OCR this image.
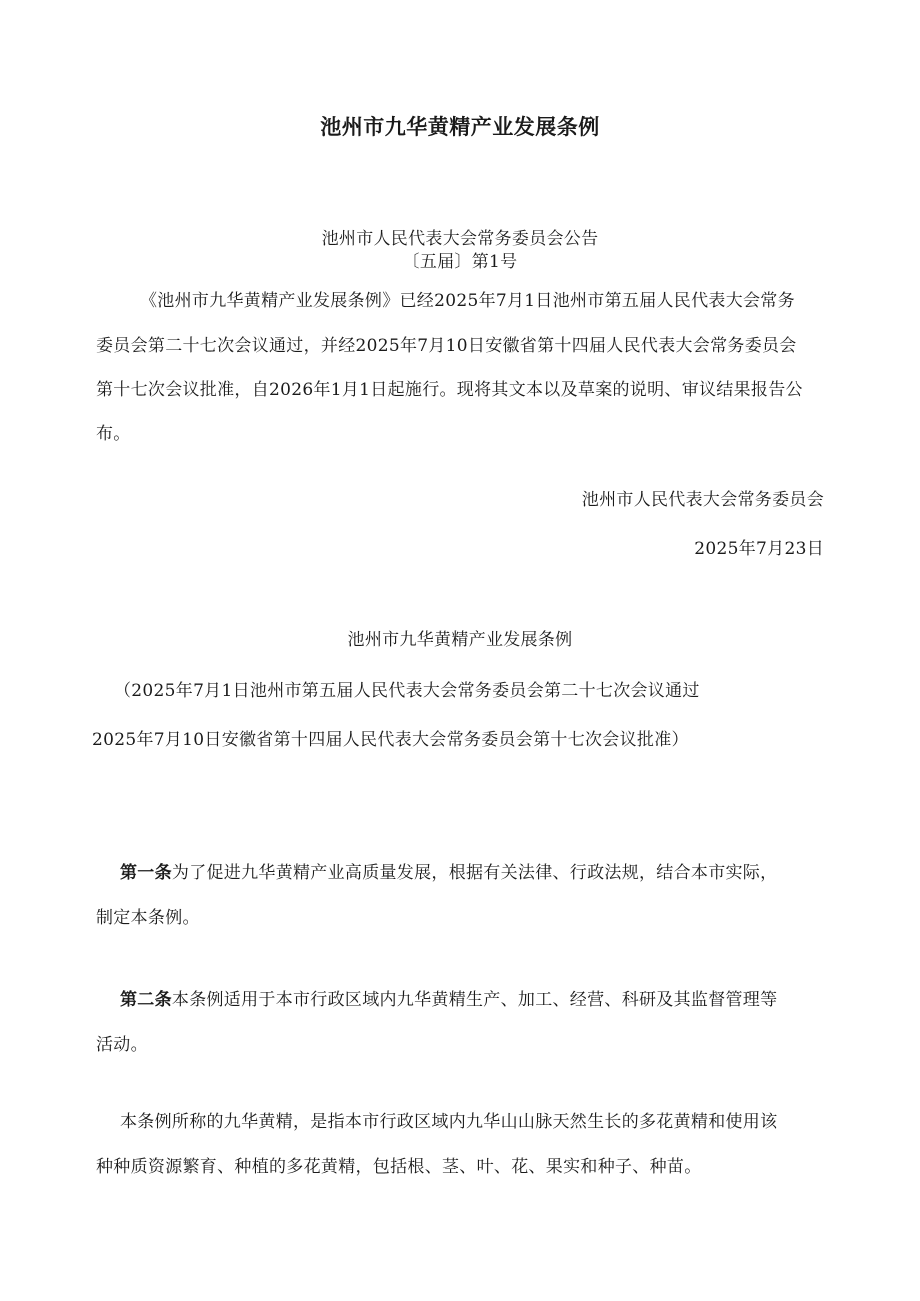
池州市九华黄精产业发展条例

池州市人民代表大会常务委员会公告

〔五届〕第1号

《池州市九华黄精产业发展条例》已经2025年7月1日池州市第五届人民代表大会常务

委员会第二十七次会议通过，并经2025年7月10日安徽省第十四届人民代表大会常务委员会

第十七次会议批准，自2026年1月1日起施行。现将其文本以及草案的说明、审议结果报告公

布。

池州市人民代表大会常务委员会

2025年7月23日

池州市九华黄精产业发展条例

（2025年7月1日池州市第五届人民代表大会常务委员会第二十七次会议通过

2025年7月10日安徽省第十四届人民代表大会常务委员会第十七次会议批准）

第一条为了促进九华黄精产业高质量发展，根据有关法律、行政法规，结合本市实际，

制定本条例。

第二条本条例适用于本市行政区域内九华黄精生产、加工、经营、科研及其监督管理等

活动。

本条例所称的九华黄精，是指本市行政区域内九华山山脉天然生长的多花黄精和使用该

种种质资源繁育、种植的多花黄精，包括根、茎、叶、花、果实和种子、种苗。
